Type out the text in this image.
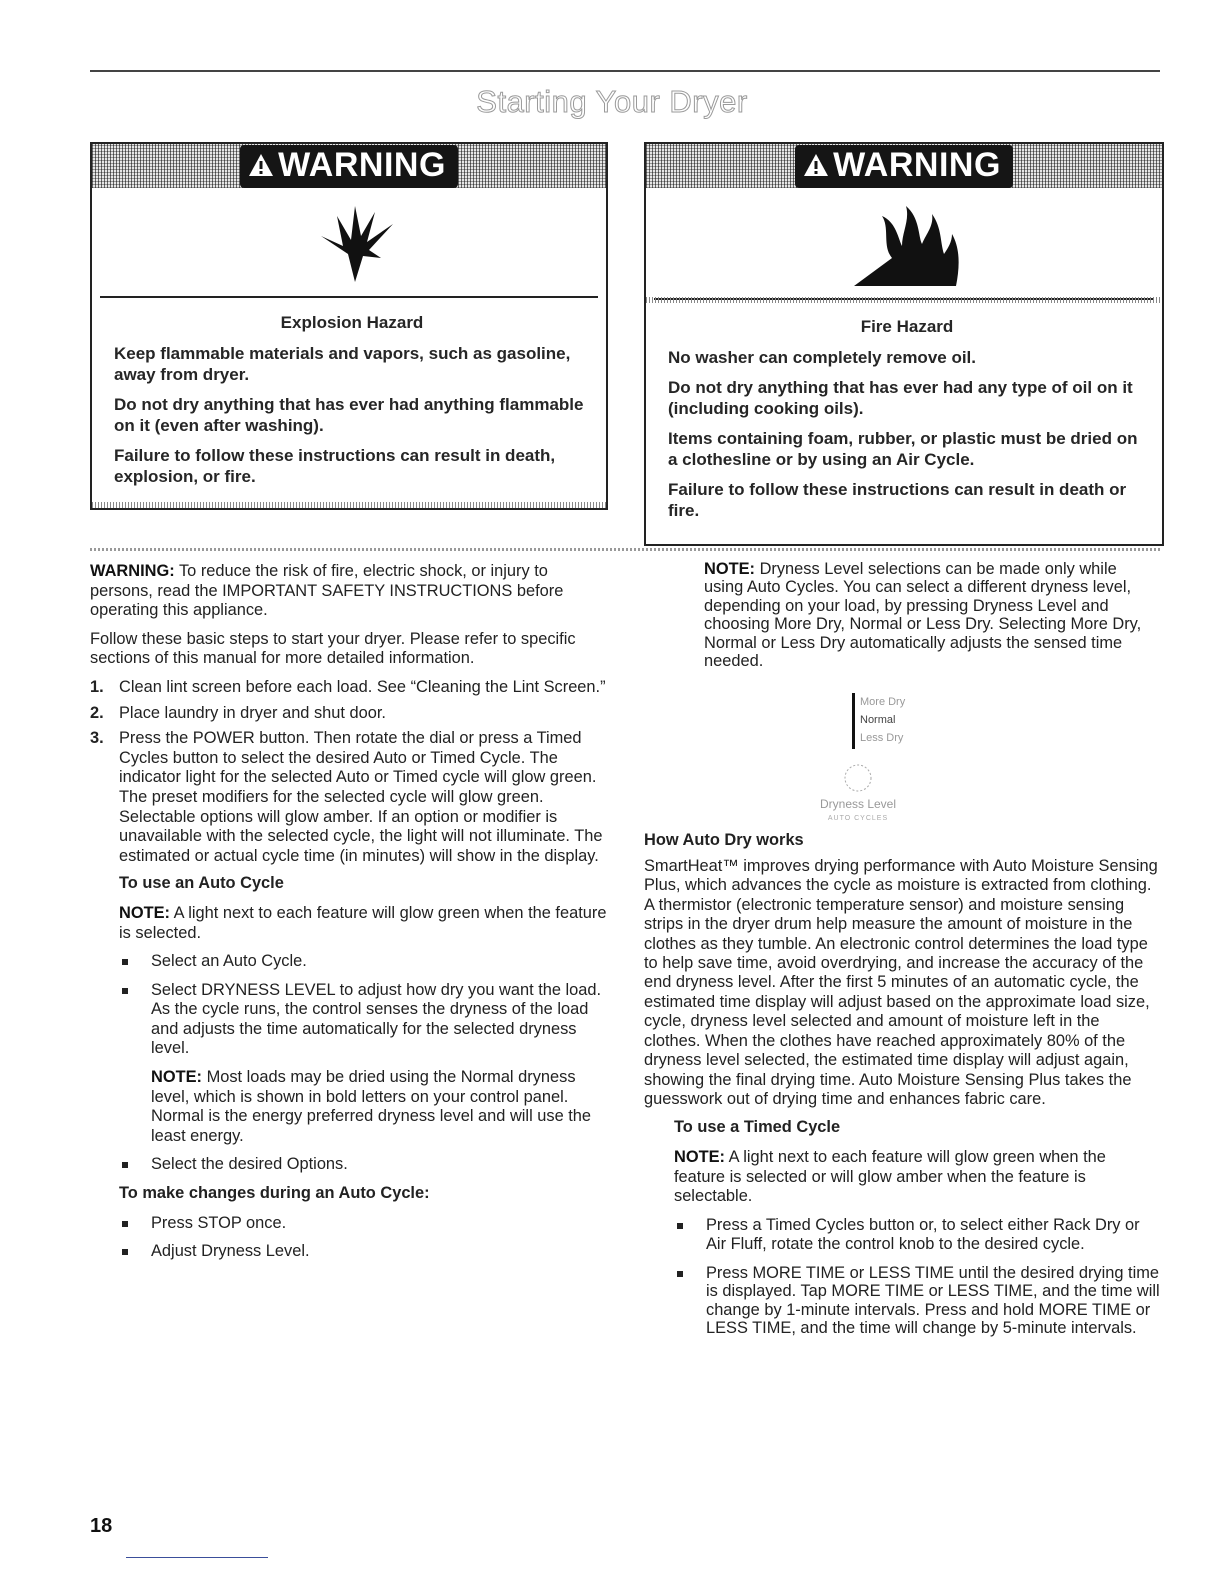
Starting Your Dryer
WARNING
Explosion Hazard

Keep flammable materials and vapors, such as gasoline, away from dryer.

Do not dry anything that has ever had anything flammable on it (even after washing).

Failure to follow these instructions can result in death, explosion, or fire.

WARNING
Fire Hazard

No washer can completely remove oil.

Do not dry anything that has ever had any type of oil on it (including cooking oils).

Items containing foam, rubber, or plastic must be dried on a clothesline or by using an Air Cycle.

Failure to follow these instructions can result in death or fire.

WARNING: To reduce the risk of fire, electric shock, or injury to persons, read the IMPORTANT SAFETY INSTRUCTIONS before operating this appliance.

Follow these basic steps to start your dryer. Please refer to specific sections of this manual for more detailed information.

1. Clean lint screen before each load. See “Cleaning the Lint Screen.”
2. Place laundry in dryer and shut door.
3. Press the POWER button. Then rotate the dial or press a Timed Cycles button to select the desired Auto or Timed Cycle. The indicator light for the selected Auto or Timed cycle will glow green. The preset modifiers for the selected cycle will glow green. Selectable options will glow amber. If an option or modifier is unavailable with the selected cycle, the light will not illuminate. The estimated or actual cycle time (in minutes) will show in the display.
To use an Auto Cycle

NOTE: A light next to each feature will glow green when the feature is selected.

Select an Auto Cycle.
Select DRYNESS LEVEL to adjust how dry you want the load. As the cycle runs, the control senses the dryness of the load and adjusts the time automatically for the selected dryness level.

NOTE: Most loads may be dried using the Normal dryness level, which is shown in bold letters on your control panel. Normal is the energy preferred dryness level and will use the least energy.

Select the desired Options.
To make changes during an Auto Cycle:
Press STOP once.
Adjust Dryness Level.

NOTE: Dryness Level selections can be made only while using Auto Cycles. You can select a different dryness level, depending on your load, by pressing Dryness Level and choosing More Dry, Normal or Less Dry. Selecting More Dry, Normal or Less Dry automatically adjusts the sensed time needed.

More Dry
Normal
Less Dry
Dryness Level
AUTO CYCLES
How Auto Dry works

SmartHeat™ improves drying performance with Auto Moisture Sensing Plus, which advances the cycle as moisture is extracted from clothing. A thermistor (electronic temperature sensor) and moisture sensing strips in the dryer drum help measure the amount of moisture in the clothes as they tumble. An electronic control determines the load type to help save time, avoid overdrying, and increase the accuracy of the end dryness level. After the first 5 minutes of an automatic cycle, the estimated time display will adjust based on the approximate load size, cycle, dryness level selected and amount of moisture left in the clothes. When the clothes have reached approximately 80% of the dryness level selected, the estimated time display will adjust again, showing the final drying time. Auto Moisture Sensing Plus takes the guesswork out of drying time and enhances fabric care.

To use a Timed Cycle

NOTE: A light next to each feature will glow green when the feature is selected or will glow amber when the feature is selectable.

Press a Timed Cycles button or, to select either Rack Dry or Air Fluff, rotate the control knob to the desired cycle.
Press MORE TIME or LESS TIME until the desired drying time is displayed. Tap MORE TIME or LESS TIME, and the time will change by 1-minute intervals. Press and hold MORE TIME or LESS TIME, and the time will change by 5-minute intervals.
18
